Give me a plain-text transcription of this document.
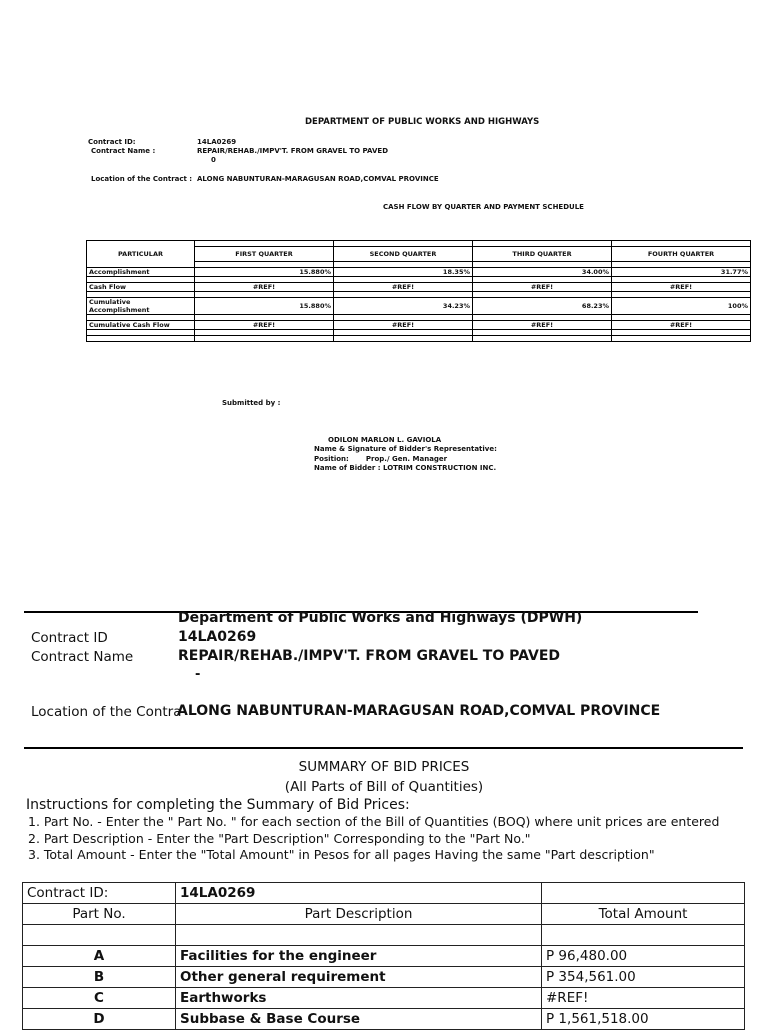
DEPARTMENT OF PUBLIC WORKS AND HIGHWAYS
Contract ID:	14LA0269
Contract Name :	REPAIR/REHAB./IMPV'T. FROM GRAVEL TO PAVED
0
Location of the Contract : ALONG NABUNTURAN-MARAGUSAN ROAD,COMVAL PROVINCE
CASH FLOW BY QUARTER AND PAYMENT SCHEDULE
PARTICULAR				
	FIRST QUARTER	SECOND QUARTER	THIRD QUARTER	FOURTH QUARTER

Accomplishment	15.880%	18.35%	34.00%	31.77%

Cash Flow	#REF!	#REF!	#REF!	#REF!

Cumulative Accomplishment	15.880%	34.23%	68.23%	100%

Cumulative Cash Flow	#REF!	#REF!	#REF!	#REF!

Submitted by :
ODILON MARLON L. GAVIOLA
Name & Signature of Bidder's Representative:
Position:       Prop./ Gen. Manager
Name of Bidder : LOTRIM CONSTRUCTION INC.
Department of Public Works and Highways (DPWH)
Contract ID	14LA0269
Contract Name	REPAIR/REHAB./IMPV'T. FROM GRAVEL TO PAVED
-
Location of the Contra
ALONG NABUNTURAN-MARAGUSAN ROAD,COMVAL PROVINCE
SUMMARY OF BID PRICES
(All Parts of Bill of Quantities)
Instructions for completing the Summary of Bid Prices:
1. Part No. - Enter the " Part No. " for each section of the Bill of Quantities (BOQ) where unit prices are entered
2. Part Description - Enter the "Part Description" Corresponding to the "Part No."
3. Total Amount - Enter the "Total Amount" in Pesos for all pages Having the same "Part description"
Contract ID:	14LA0269	
Part No.	Part Description	Total Amount

A	Facilities for the engineer	P 96,480.00
B	Other general requirement	P 354,561.00
C	Earthworks	#REF!
D	Subbase & Base Course	P 1,561,518.00
